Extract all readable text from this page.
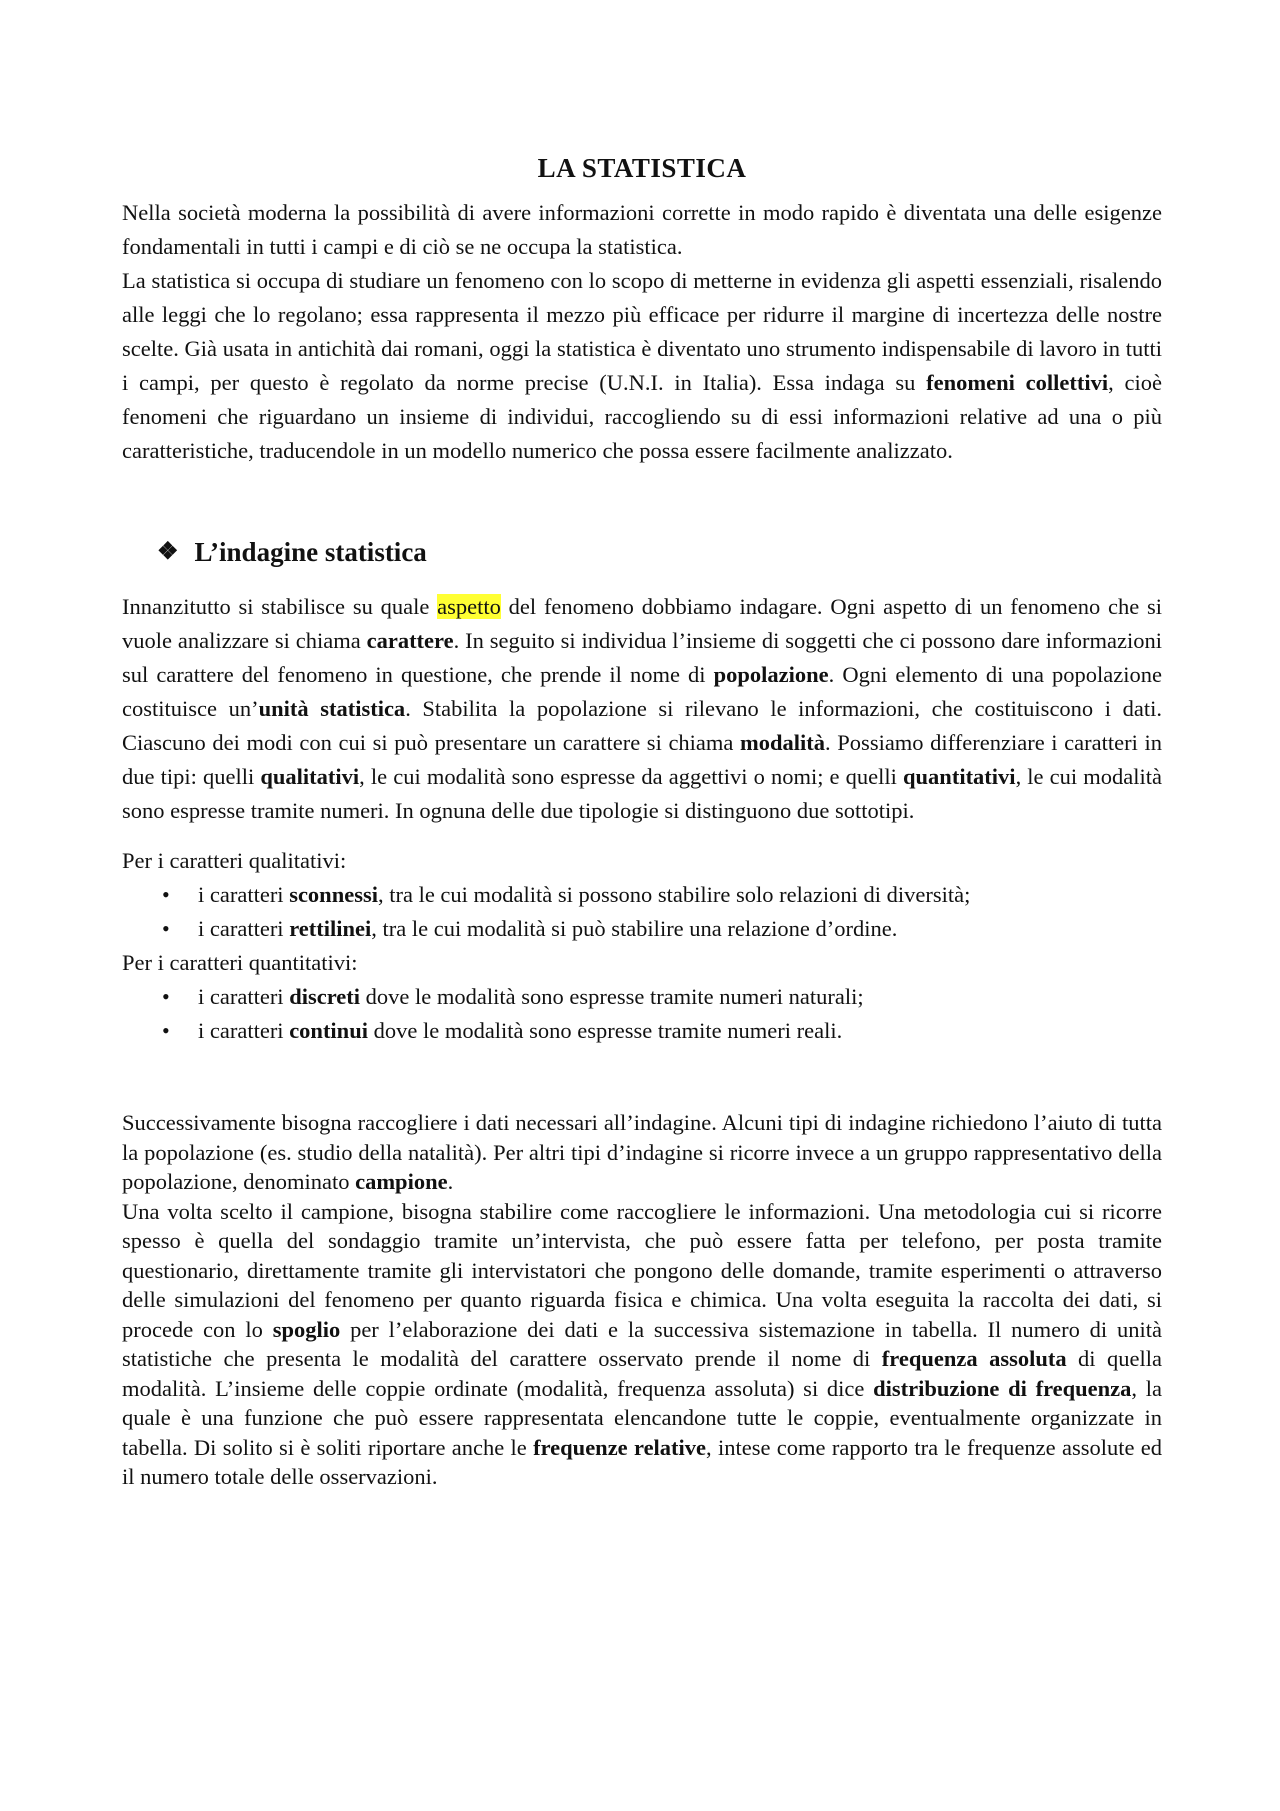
LA STATISTICA

Nella società moderna la possibilità di avere informazioni corrette in modo rapido è diventata una delle esigenze fondamentali in tutti i campi e di ciò se ne occupa la statistica.

La statistica si occupa di studiare un fenomeno con lo scopo di metterne in evidenza gli aspetti essenziali, risalendo alle leggi che lo regolano; essa rappresenta il mezzo più efficace per ridurre il margine di incertezza delle nostre scelte. Già usata in antichità dai romani, oggi la statistica è diventato uno strumento indispensabile di lavoro in tutti i campi, per questo è regolato da norme precise (U.N.I. in Italia). Essa indaga su fenomeni collettivi, cioè fenomeni che riguardano un insieme di individui, raccogliendo su di essi informazioni relative ad una o più caratteristiche, traducendole in un modello numerico che possa essere facilmente analizzato.

❖ L’indagine statistica

Innanzitutto si stabilisce su quale aspetto del fenomeno dobbiamo indagare. Ogni aspetto di un fenomeno che si vuole analizzare si chiama carattere. In seguito si individua l’insieme di soggetti che ci possono dare informazioni sul carattere del fenomeno in questione, che prende il nome di popolazione. Ogni elemento di una popolazione costituisce un’unità statistica. Stabilita la popolazione si rilevano le informazioni, che costituiscono i dati. Ciascuno dei modi con cui si può presentare un carattere si chiama modalità. Possiamo differenziare i caratteri in due tipi: quelli qualitativi, le cui modalità sono espresse da aggettivi o nomi; e quelli quantitativi, le cui modalità sono espresse tramite numeri. In ognuna delle due tipologie si distinguono due sottotipi.

Per i caratteri qualitativi:

• i caratteri sconnessi, tra le cui modalità si possono stabilire solo relazioni di diversità;
• i caratteri rettilinei, tra le cui modalità si può stabilire una relazione d’ordine.

Per i caratteri quantitativi:

• i caratteri discreti dove le modalità sono espresse tramite numeri naturali;
• i caratteri continui dove le modalità sono espresse tramite numeri reali.

Successivamente bisogna raccogliere i dati necessari all’indagine. Alcuni tipi di indagine richiedono l’aiuto di tutta la popolazione (es. studio della natalità). Per altri tipi d’indagine si ricorre invece a un gruppo rappresentativo della popolazione, denominato campione.

Una volta scelto il campione, bisogna stabilire come raccogliere le informazioni. Una metodologia cui si ricorre spesso è quella del sondaggio tramite un’intervista, che può essere fatta per telefono, per posta tramite questionario, direttamente tramite gli intervistatori che pongono delle domande, tramite esperimenti o attraverso delle simulazioni del fenomeno per quanto riguarda fisica e chimica. Una volta eseguita la raccolta dei dati, si procede con lo spoglio per l’elaborazione dei dati e la successiva sistemazione in tabella. Il numero di unità statistiche che presenta le modalità del carattere osservato prende il nome di frequenza assoluta di quella modalità. L’insieme delle coppie ordinate (modalità, frequenza assoluta) si dice distribuzione di frequenza, la quale è una funzione che può essere rappresentata elencandone tutte le coppie, eventualmente organizzate in tabella. Di solito si è soliti riportare anche le frequenze relative, intese come rapporto tra le frequenze assolute ed il numero totale delle osservazioni.
